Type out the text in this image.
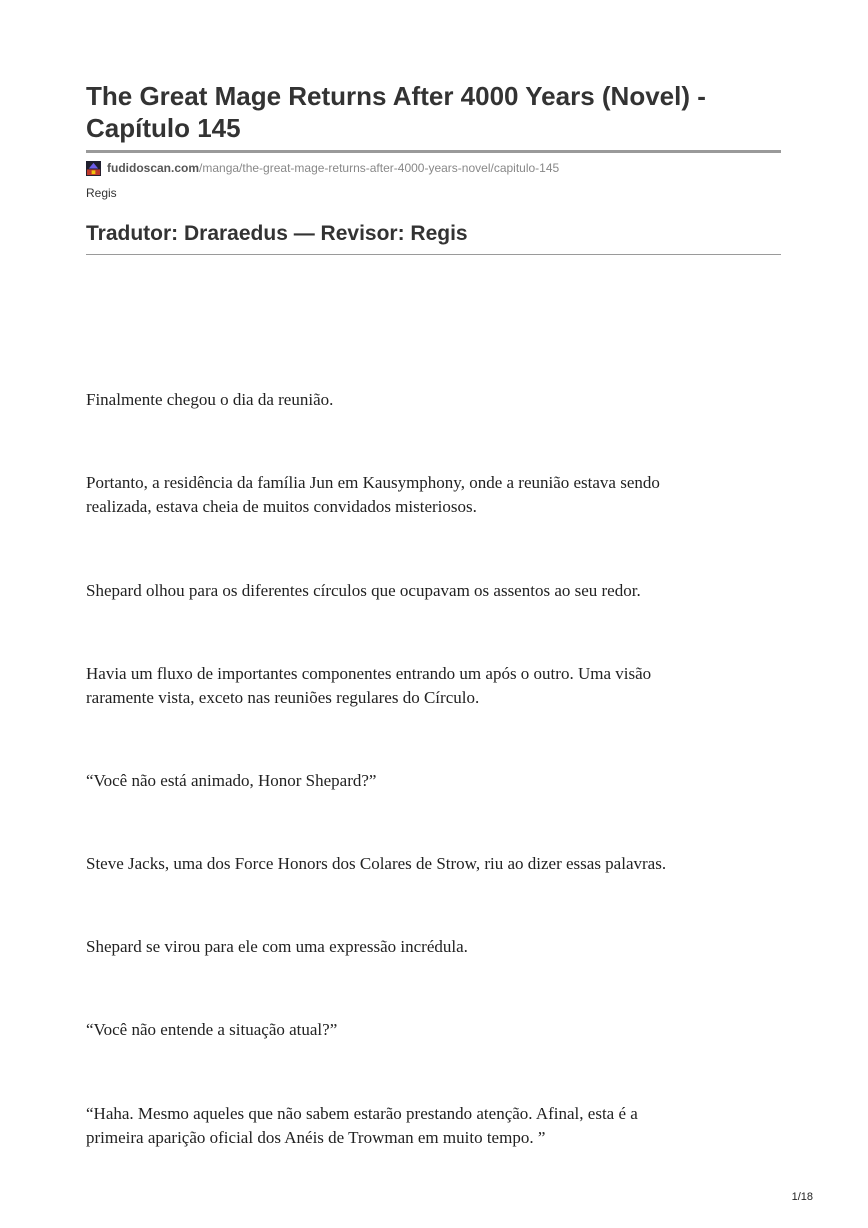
The Great Mage Returns After 4000 Years (Novel) -
Capítulo 145
fudidoscan.com /manga/the-great-mage-returns-after-4000-years-novel/capitulo-145
Regis
Tradutor: Draraedus — Revisor: Regis

Finalmente chegou o dia da reunião.

Portanto, a residência da família Jun em Kausymphony, onde a reunião estava sendo
realizada, estava cheia de muitos convidados misteriosos.

Shepard olhou para os diferentes círculos que ocupavam os assentos ao seu redor.

Havia um fluxo de importantes componentes entrando um após o outro. Uma visão
raramente vista, exceto nas reuniões regulares do Círculo.

“Você não está animado, Honor Shepard?”

Steve Jacks, uma dos Force Honors dos Colares de Strow, riu ao dizer essas palavras.

Shepard se virou para ele com uma expressão incrédula.

“Você não entende a situação atual?”

“Haha. Mesmo aqueles que não sabem estarão prestando atenção. Afinal, esta é a
primeira aparição oficial dos Anéis de Trowman em muito tempo. ”

1/18
